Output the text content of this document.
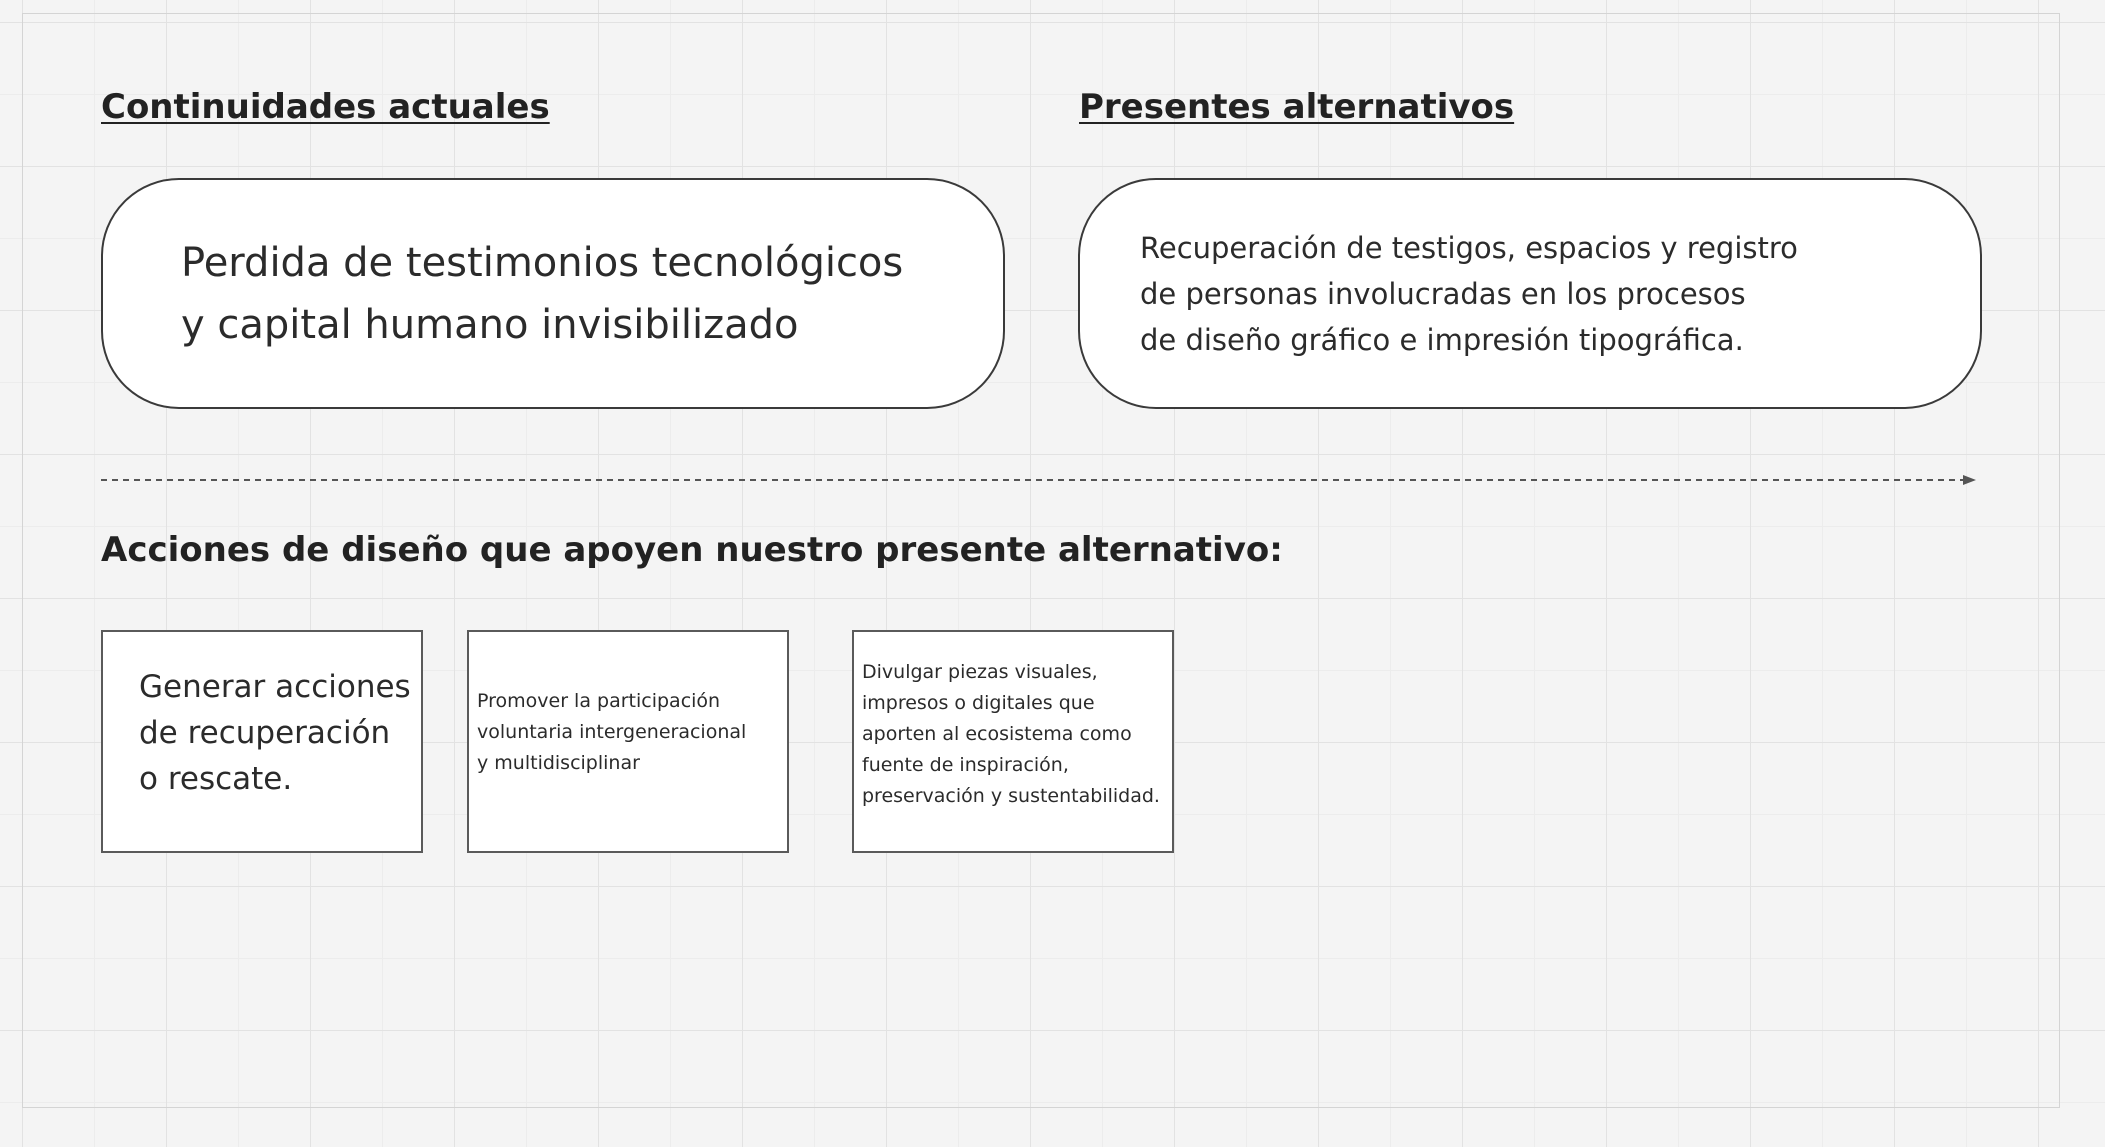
Continuidades actuales	Presentes alternativos
Perdida de testimonios tecnológicos
y capital humano invisibilizado
Recuperación de testigos, espacios y registro
de personas involucradas en los procesos
de diseño gráfico e impresión tipográfica.
Acciones de diseño que apoyen nuestro presente alternativo:
Generar acciones
de recuperación
o rescate.
Promover la participación
voluntaria intergeneracional
y multidisciplinar
Divulgar piezas visuales,
impresos o digitales que
aporten al ecosistema como
fuente de inspiración,
preservación y sustentabilidad.
